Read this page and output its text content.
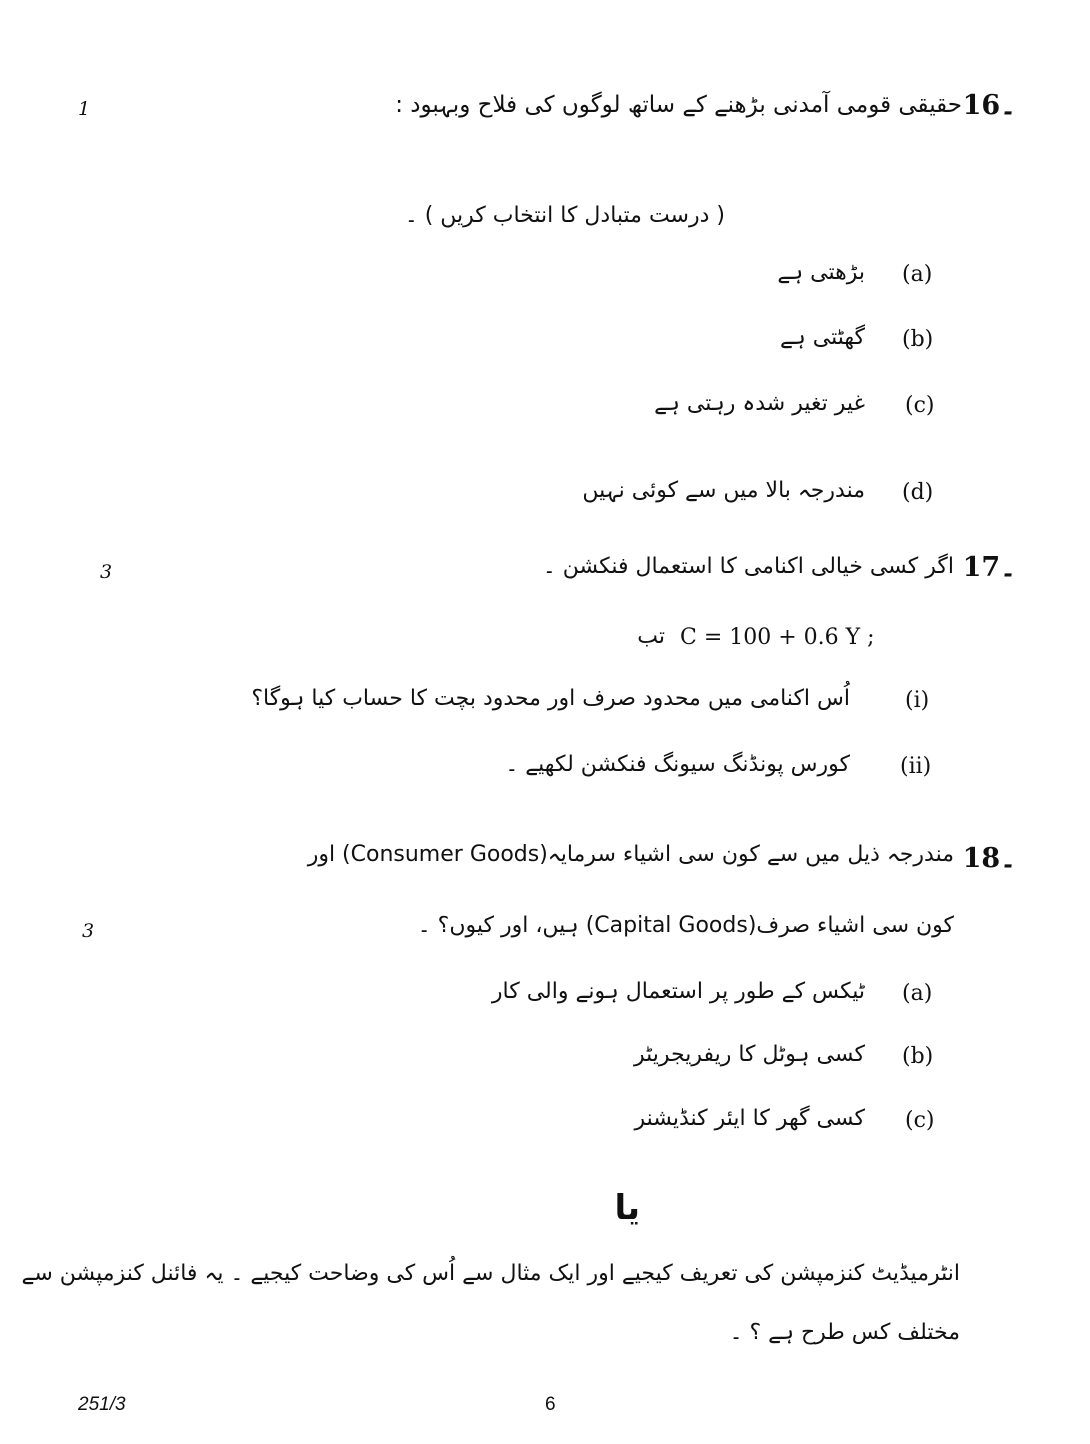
1	حقیقی قومی آمدنی بڑھنے کے ساتھ لوگوں کی فلاح وبہبود : 16۔
( درست متبادل کا انتخاب کریں ) ۔
(a)
بڑھتی ہے
(b)
گھٹتی ہے
(c)
غیر تغیر شدہ رہتی ہے
(d)
مندرجہ بالا میں سے کوئی نہیں
3	اگر کسی خیالی اکنامی کا استعمال فنکشن ۔ 17۔
تب C = 100 + 0.6 Y ;
(i)
اُس اکنامی میں محدود صرف اور محدود بچت کا حساب کیا ہوگا؟
(ii)
کورس پونڈنگ سیونگ فنکشن لکھیے ۔
مندرجہ ذیل میں سے کون سی اشیاء سرمایہ(Consumer Goods) اور 18۔
3	کون سی اشیاء صرف(Capital Goods) ہیں، اور کیوں؟ ۔
(a)
ٹیکس کے طور پر استعمال ہونے والی کار
(b)
کسی ہوٹل کا ریفریجریٹر
(c)
کسی گھر کا ایئر کنڈیشنر
یا
انٹرمیڈیٹ کنزمپشن کی تعریف کیجیے اور ایک مثال سے اُس کی وضاحت کیجیے ۔ یہ فائنل کنزمپشن سے
مختلف کس طرح ہے ؟ ۔
251/3	6
